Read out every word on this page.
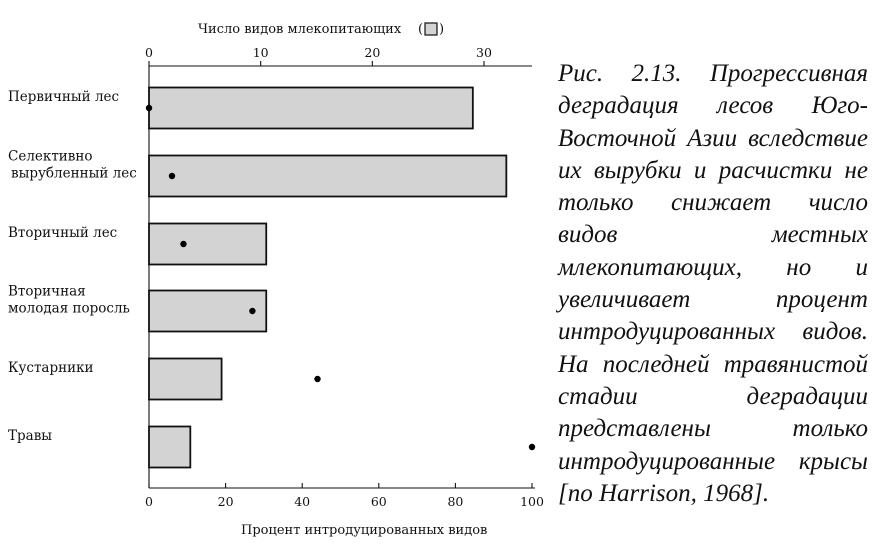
Число видов млекопитающих ( )
0	10	20	30
0	20	40	60	80	100
Первичный лес
Селективно
вырубленный лес
Вторичный лес
Вторичная
молодая поросль
Кустарники
Травы
Процент интродуцированных видов

Рис. 2.13. Прогрессивная деградация лесов Юго-Восточной Азии вследствие их вырубки и расчистки не только снижает число видов местных млекопитающих, но и увеличивает процент интродуцированных видов. На последней травянистой стадии деградации представлены только интродуцированные крысы [по Harrison, 1968].
